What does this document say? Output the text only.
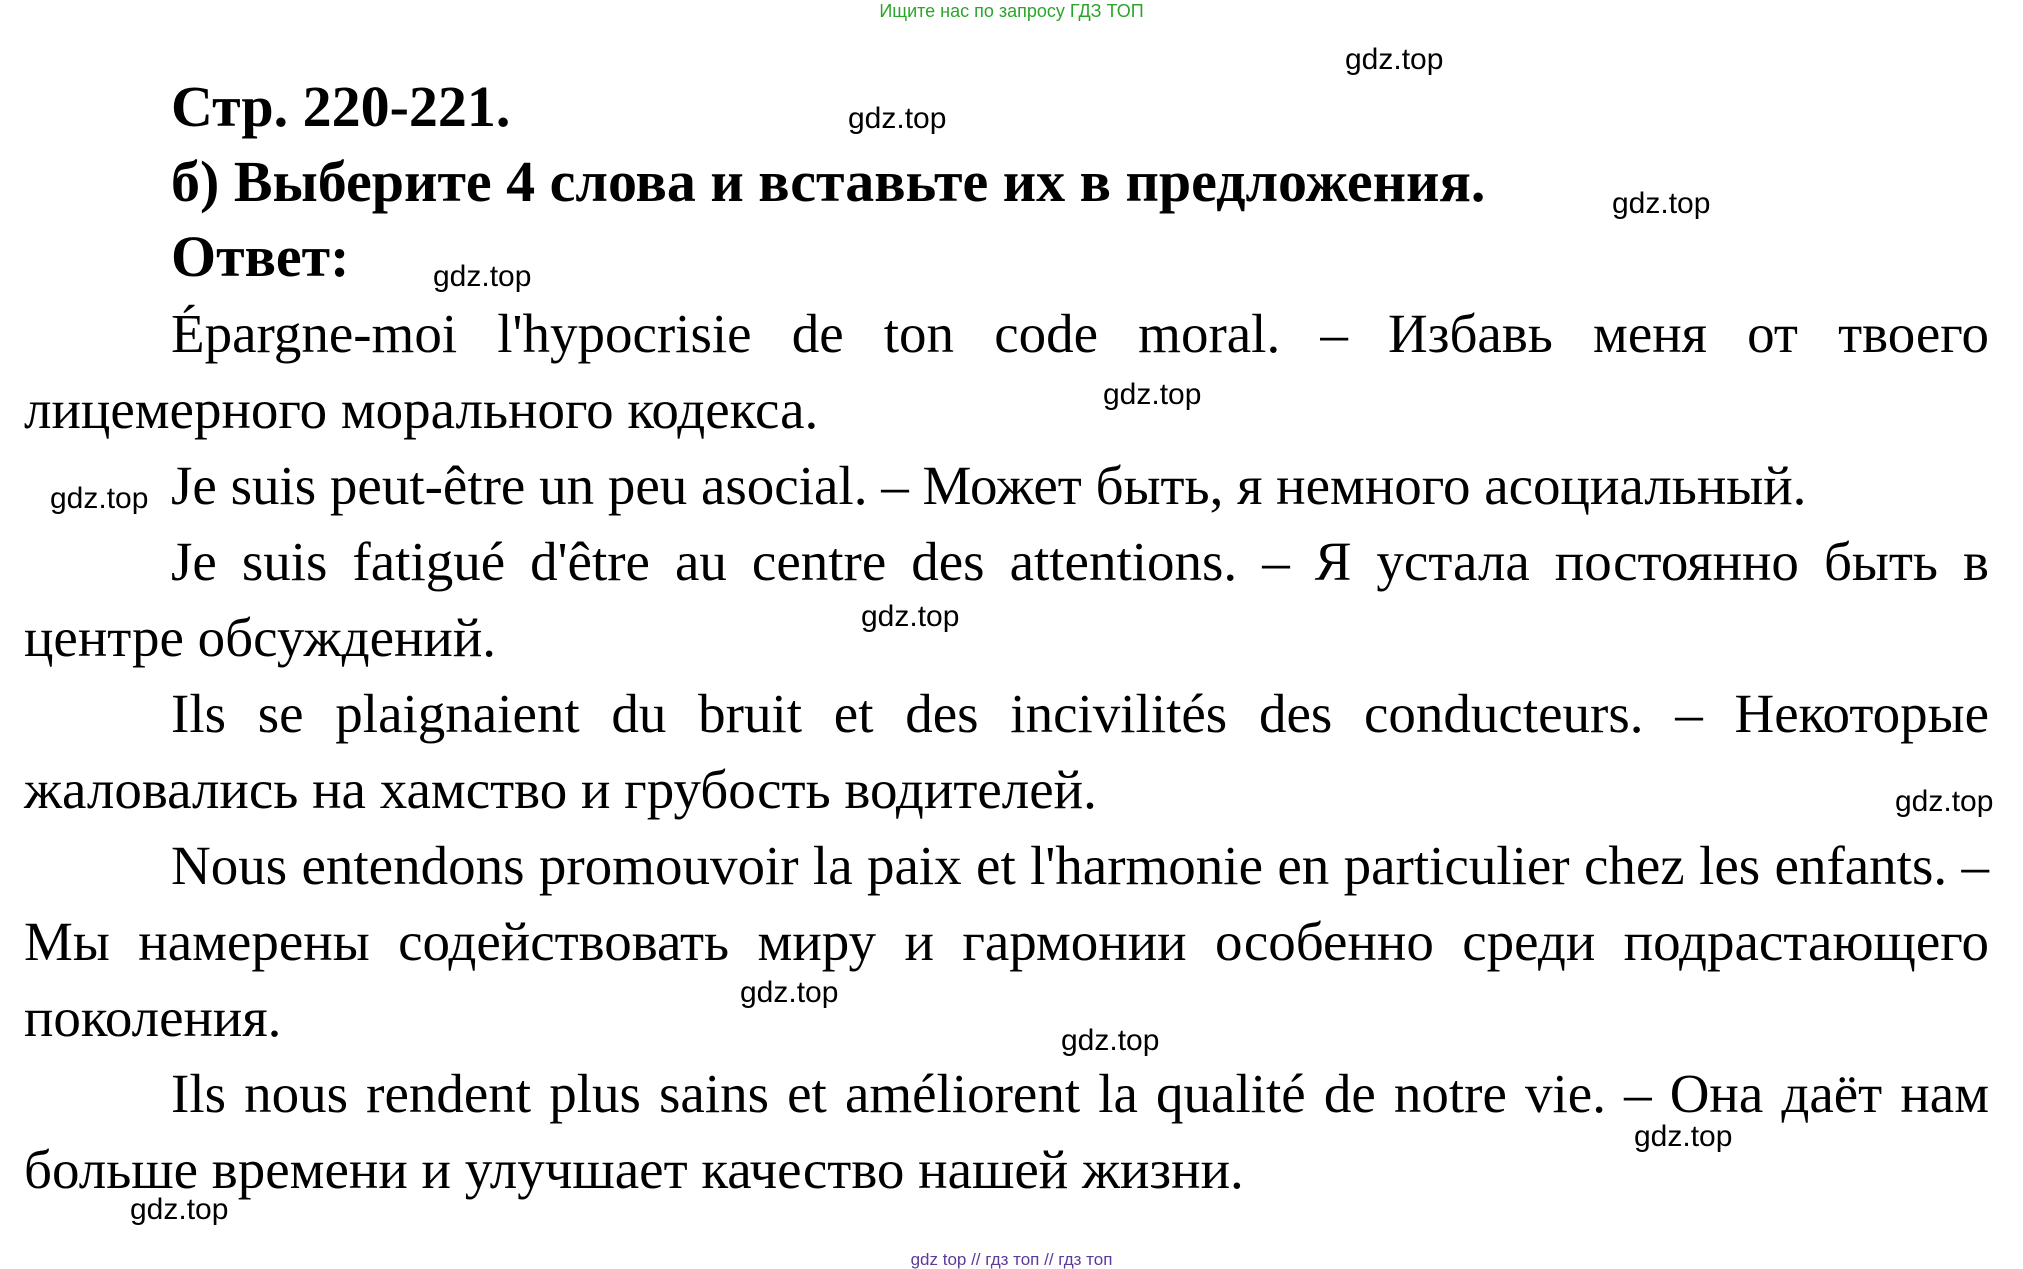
Ищите нас по запросу ГДЗ ТОП
Стр. 220-221.
б) Выберите 4 слова и вставьте их в предложения.
Ответ:
Épargne-moi l'hypocrisie de ton code moral. – Избавь меня от твоего лицемерного морального кодекса.
Je suis peut-être un peu asocial. – Может быть, я немного асоциальный.
Je suis fatigué d'être au centre des attentions. – Я устала постоянно быть в центре обсуждений.
Ils se plaignaient du bruit et des incivilités des conducteurs. – Некоторые жаловались на хамство и грубость водителей.
Nous entendons promouvoir la paix et l'harmonie en particulier chez les enfants. – Мы намерены содействовать миру и гармонии особенно среди подрастающего поколения.
Ils nous rendent plus sains et améliorent la qualité de notre vie. – Она даёт нам больше времени и улучшает качество нашей жизни.
gdz.top
gdz.top
gdz.top
gdz.top
gdz.top
gdz.top
gdz.top
gdz.top
gdz.top
gdz.top
gdz.top
gdz.top
gdz top // гдз топ // гдз топ
